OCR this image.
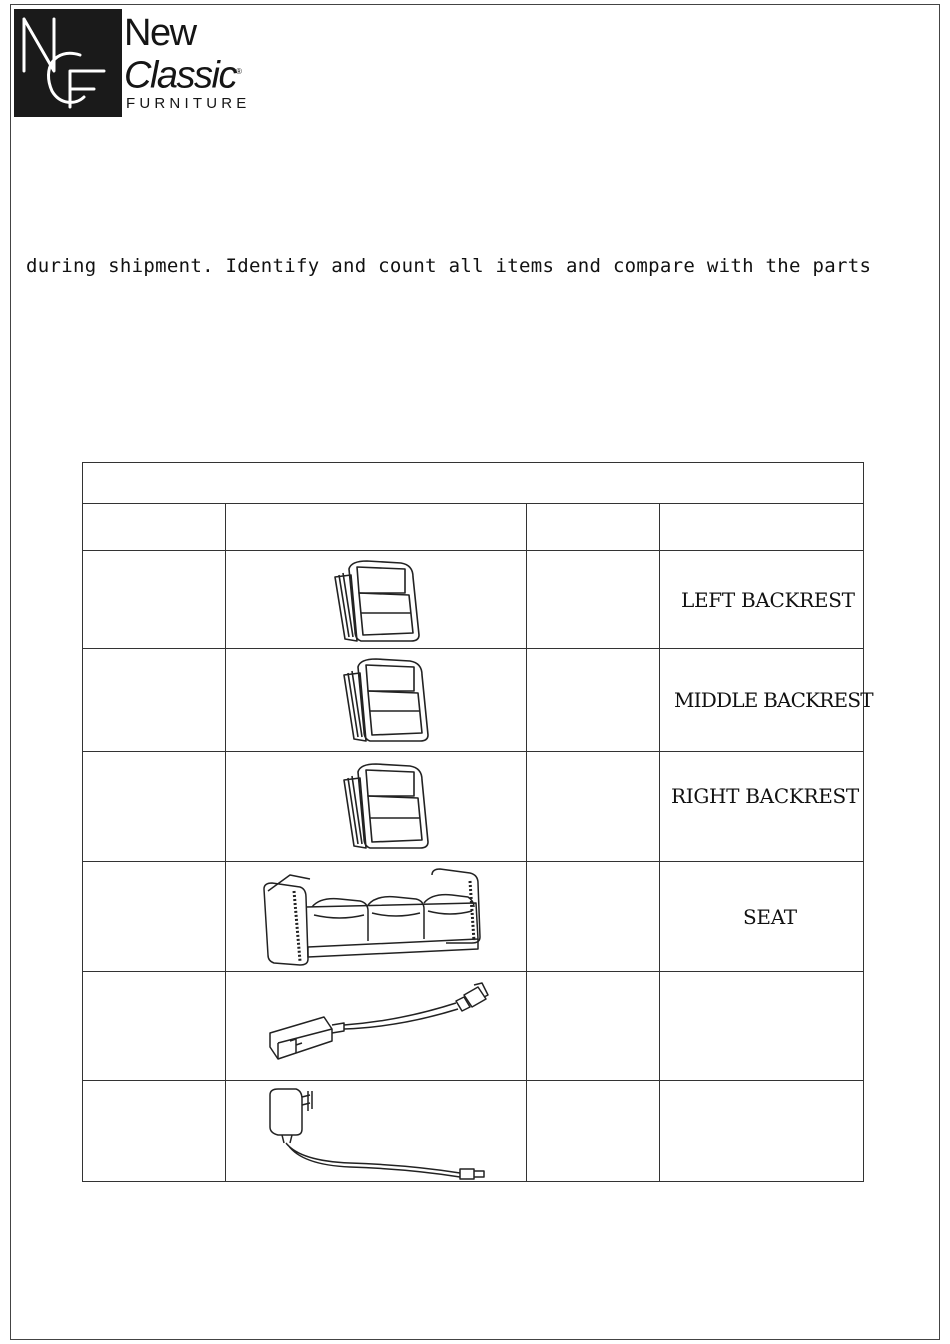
New
Classic®
FURNITURE
during shipment. Identify and count all items and compare with the parts

		LEFT BACKREST

		MIDDLE BACKREST

		RIGHT BACKREST

		SEAT
